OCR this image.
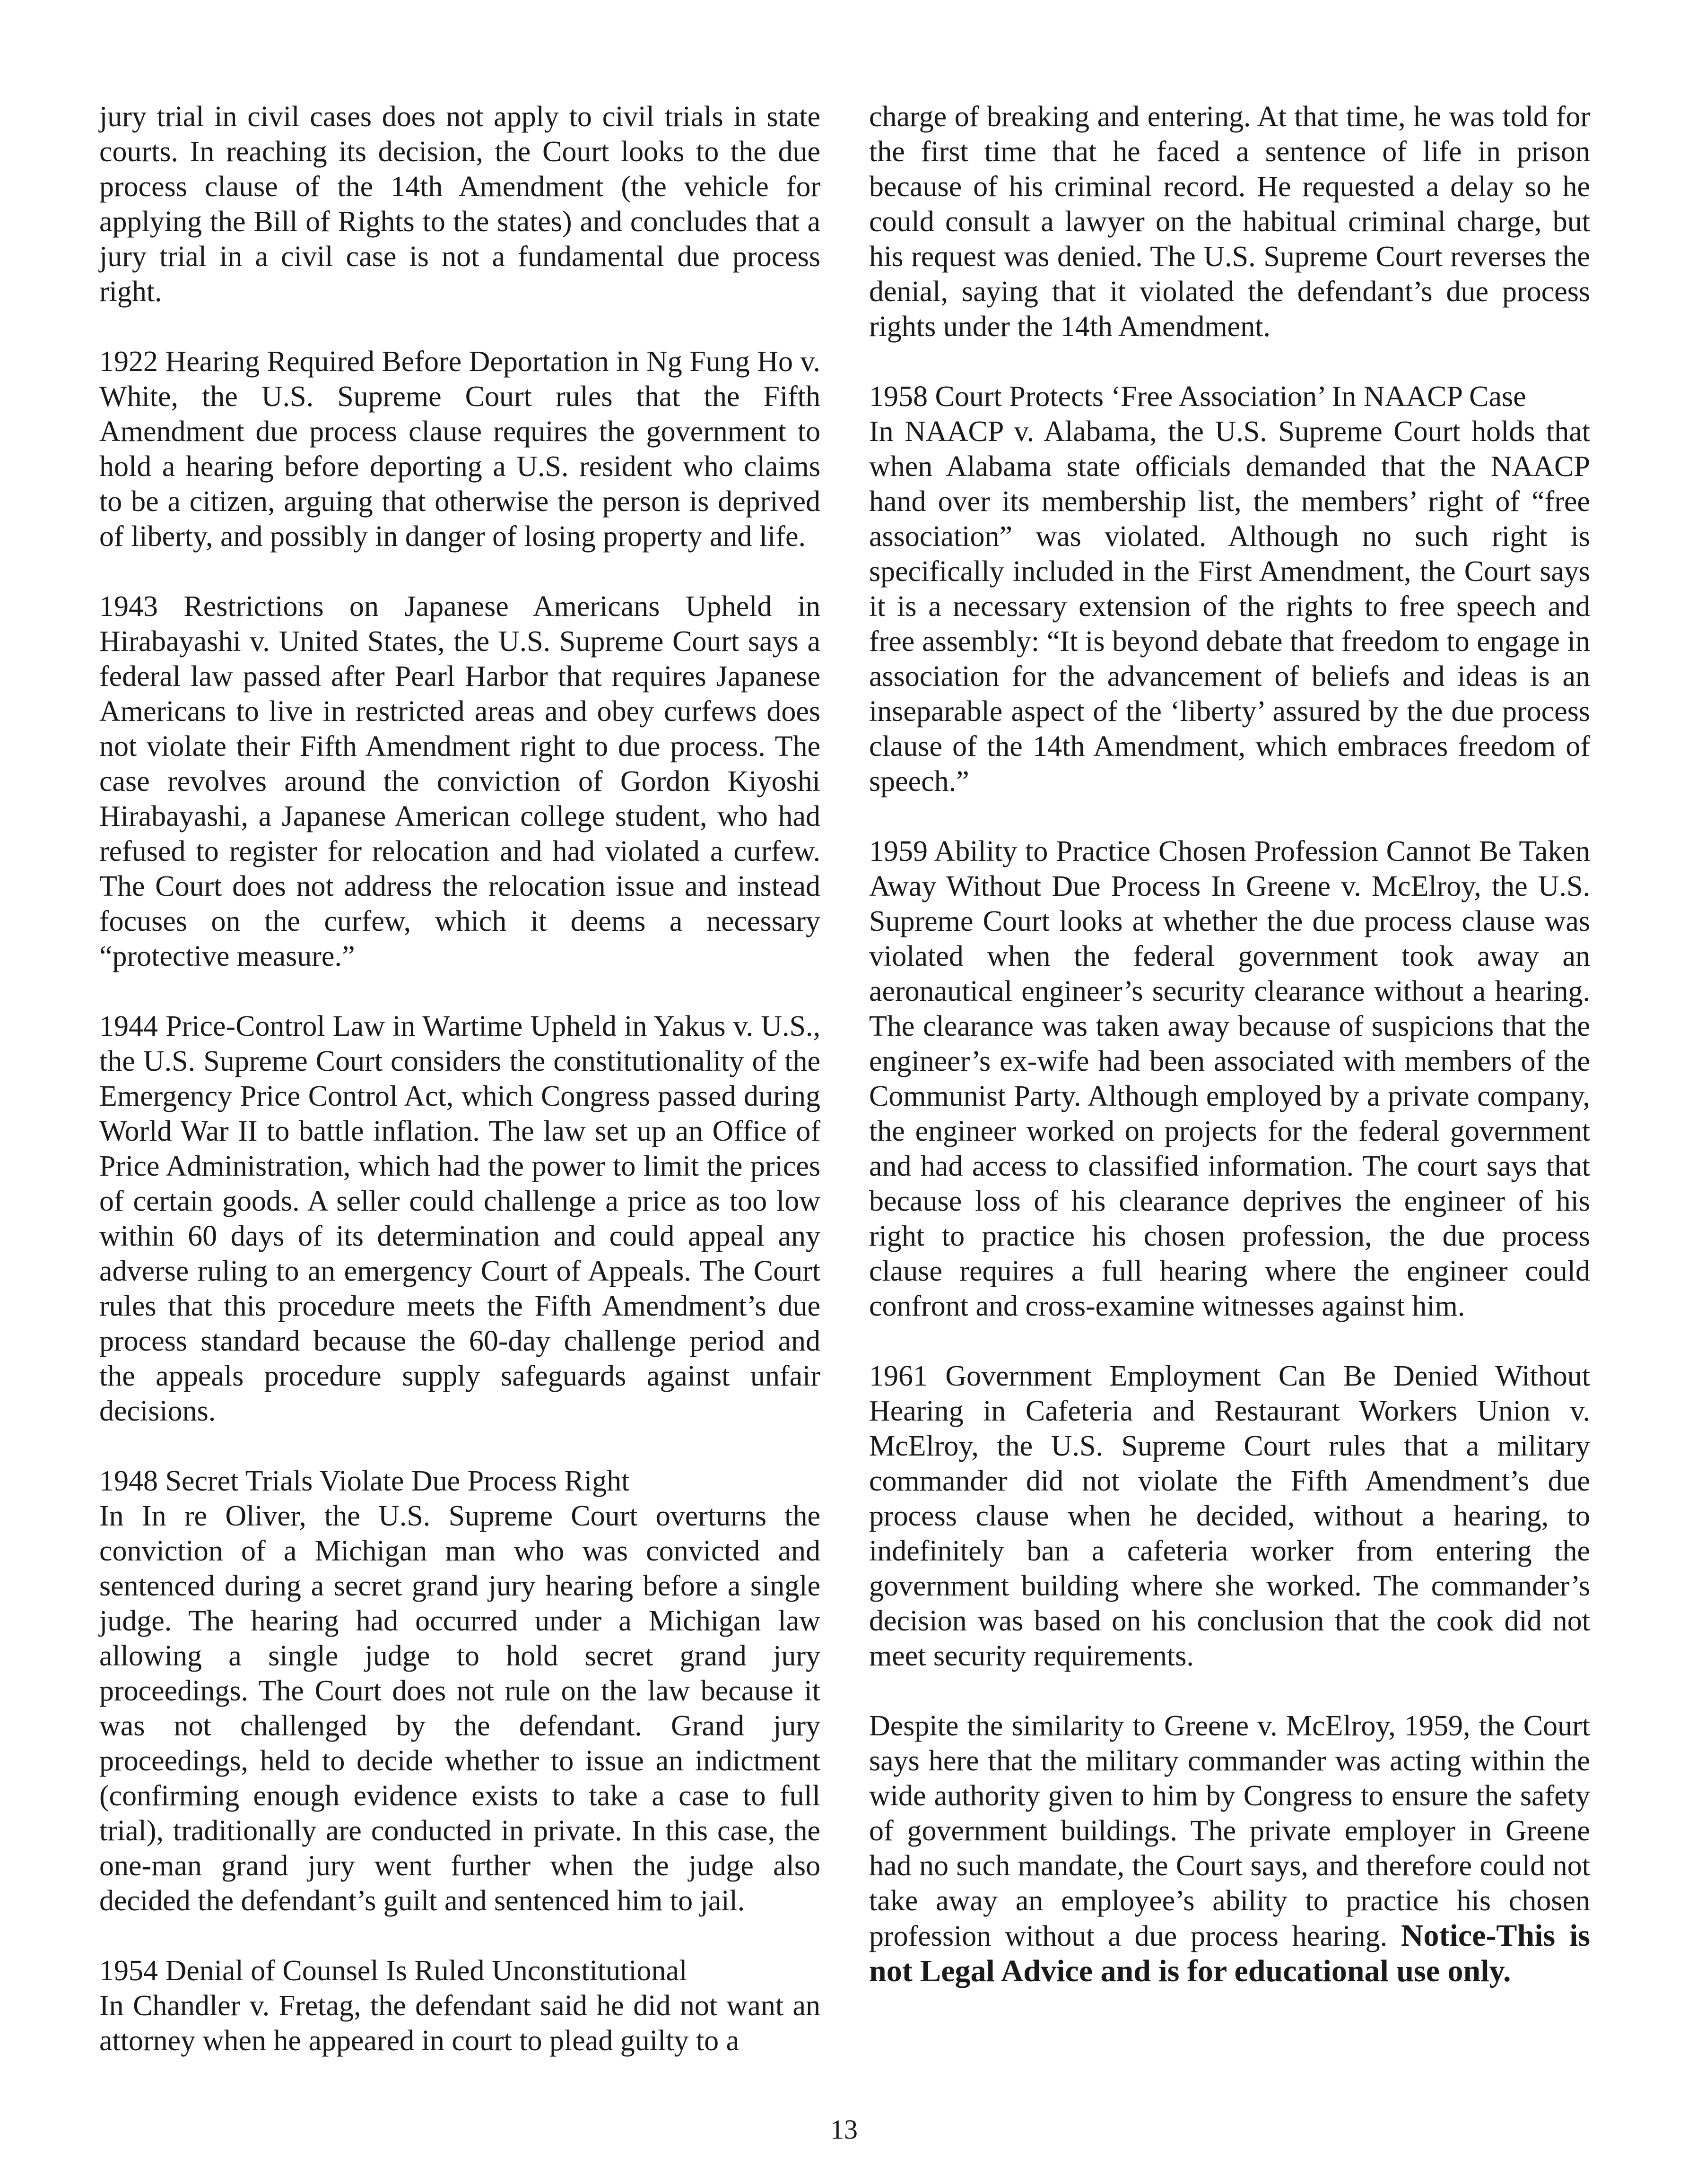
jury trial in civil cases does not apply to civil trials in state courts. In reaching its decision, the Court looks to the due process clause of the 14th Amendment (the vehicle for applying the Bill of Rights to the states) and concludes that a jury trial in a civil case is not a fundamental due process right.

1922 Hearing Required Before Deportation in Ng Fung Ho v. White, the U.S. Supreme Court rules that the Fifth Amendment due process clause requires the government to hold a hearing before deporting a U.S. resident who claims to be a citizen, arguing that otherwise the person is deprived of liberty, and possibly in danger of losing property and life.

1943 Restrictions on Japanese Americans Upheld in Hirabayashi v. United States, the U.S. Supreme Court says a federal law passed after Pearl Harbor that requires Japanese Americans to live in restricted areas and obey curfews does not violate their Fifth Amendment right to due process. The case revolves around the conviction of Gordon Kiyoshi Hirabayashi, a Japanese American college student, who had refused to register for relocation and had violated a curfew. The Court does not address the relocation issue and instead focuses on the curfew, which it deems a necessary “protective measure.”

1944 Price-Control Law in Wartime Upheld in Yakus v. U.S., the U.S. Supreme Court considers the constitutionality of the Emergency Price Control Act, which Congress passed during World War II to battle inflation. The law set up an Office of Price Administration, which had the power to limit the prices of certain goods. A seller could challenge a price as too low within 60 days of its determination and could appeal any adverse ruling to an emergency Court of Appeals. The Court rules that this procedure meets the Fifth Amendment’s due process standard because the 60-day challenge period and the appeals procedure supply safeguards against unfair decisions.

1948 Secret Trials Violate Due Process Right
In In re Oliver, the U.S. Supreme Court overturns the conviction of a Michigan man who was convicted and sentenced during a secret grand jury hearing before a single judge. The hearing had occurred under a Michigan law allowing a single judge to hold secret grand jury proceedings. The Court does not rule on the law because it was not challenged by the defendant. Grand jury proceedings, held to decide whether to issue an indictment (confirming enough evidence exists to take a case to full trial), traditionally are conducted in private. In this case, the one-man grand jury went further when the judge also decided the defendant’s guilt and sentenced him to jail.

1954 Denial of Counsel Is Ruled Unconstitutional
In Chandler v. Fretag, the defendant said he did not want an attorney when he appeared in court to plead guilty to a

charge of breaking and entering. At that time, he was told for the first time that he faced a sentence of life in prison because of his criminal record. He requested a delay so he could consult a lawyer on the habitual criminal charge, but his request was denied. The U.S. Supreme Court reverses the denial, saying that it violated the defendant’s due process rights under the 14th Amendment.

1958 Court Protects ‘Free Association’ In NAACP Case
In NAACP v. Alabama, the U.S. Supreme Court holds that when Alabama state officials demanded that the NAACP hand over its membership list, the members’ right of “free association” was violated. Although no such right is specifically included in the First Amendment, the Court says it is a necessary extension of the rights to free speech and free assembly: “It is beyond debate that freedom to engage in association for the advancement of beliefs and ideas is an inseparable aspect of the ‘liberty’ assured by the due process clause of the 14th Amendment, which embraces freedom of speech.”

1959 Ability to Practice Chosen Profession Cannot Be Taken Away Without Due Process In Greene v. McElroy, the U.S. Supreme Court looks at whether the due process clause was violated when the federal government took away an aeronautical engineer’s security clearance without a hearing. The clearance was taken away because of suspicions that the engineer’s ex-wife had been associated with members of the Communist Party. Although employed by a private company, the engineer worked on projects for the federal government and had access to classified information. The court says that because loss of his clearance deprives the engineer of his right to practice his chosen profession, the due process clause requires a full hearing where the engineer could confront and cross-examine witnesses against him.

1961 Government Employment Can Be Denied Without Hearing in Cafeteria and Restaurant Workers Union v. McElroy, the U.S. Supreme Court rules that a military commander did not violate the Fifth Amendment’s due process clause when he decided, without a hearing, to indefinitely ban a cafeteria worker from entering the government building where she worked. The commander’s decision was based on his conclusion that the cook did not meet security requirements.

Despite the similarity to Greene v. McElroy, 1959, the Court says here that the military commander was acting within the wide authority given to him by Congress to ensure the safety of government buildings. The private employer in Greene had no such mandate, the Court says, and therefore could not take away an employee’s ability to practice his chosen profession without a due process hearing. Notice-This is not Legal Advice and is for educational use only.

13
